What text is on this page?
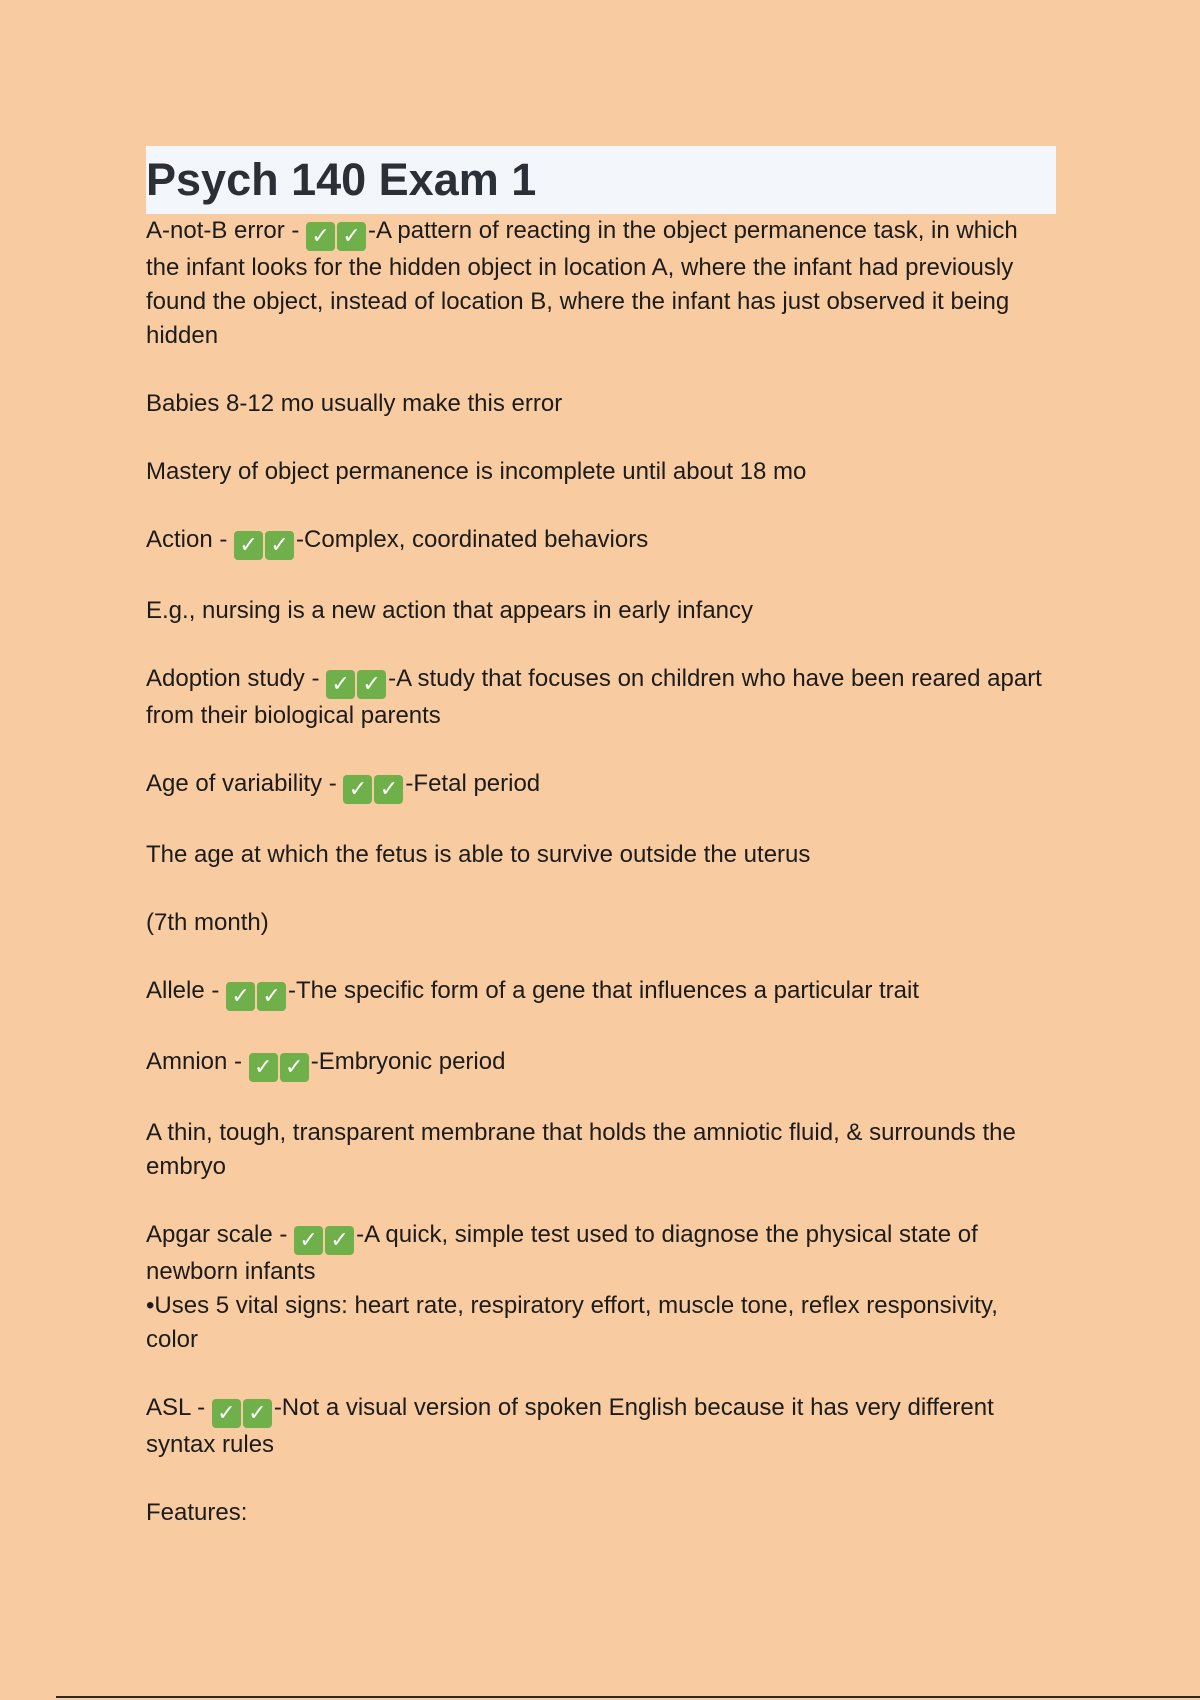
Psych 140 Exam 1

A-not-B error - ✓ ✓ -A pattern of reacting in the object permanence task, in which the infant looks for the hidden object in location A, where the infant had previously found the object, instead of location B, where the infant has just observed it being hidden

Babies 8-12 mo usually make this error

Mastery of object permanence is incomplete until about 18 mo

Action - ✓ ✓ -Complex, coordinated behaviors

E.g., nursing is a new action that appears in early infancy

Adoption study - ✓ ✓ -A study that focuses on children who have been reared apart from their biological parents

Age of variability - ✓ ✓ -Fetal period

The age at which the fetus is able to survive outside the uterus

(7th month)

Allele - ✓ ✓ -The specific form of a gene that influences a particular trait

Amnion - ✓ ✓ -Embryonic period

A thin, tough, transparent membrane that holds the amniotic fluid, & surrounds the embryo

Apgar scale - ✓ ✓ -A quick, simple test used to diagnose the physical state of newborn infants

•Uses 5 vital signs: heart rate, respiratory effort, muscle tone, reflex responsivity, color

ASL - ✓ ✓ -Not a visual version of spoken English because it has very different syntax rules

Features:
